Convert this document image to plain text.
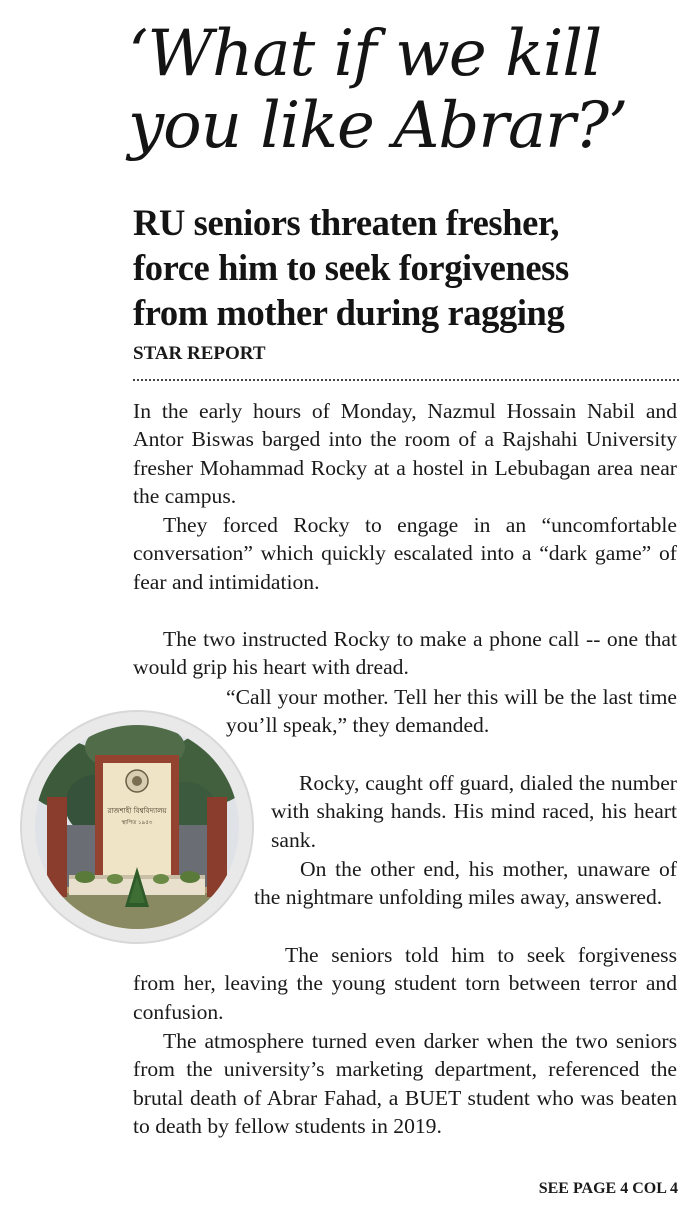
‘What if we kill
you like Abrar?’
RU seniors threaten fresher,
force him to seek forgiveness
from mother during ragging
STAR REPORT

In the early hours of Monday, Nazmul Hossain Nabil and Antor Biswas barged into the room of a Rajshahi University fresher Mohammad Rocky at a hostel in Lebubagan area near the campus.

They forced Rocky to engage in an “uncomfortable conversation” which quickly escalated into a “dark game” of fear and intimidation.

The two instructed Rocky to make a phone call -- one that would grip his heart with dread.

“Call your mother. Tell her this will be the last time you’ll speak,” they demanded.

Rocky, caught off guard, dialed the number with shaking hands. His mind raced, his heart sank.

On the other end, his mother, unaware of the nightmare unfolding miles away, answered.

The seniors told him to seek forgiveness from her, leaving the young student torn between terror and confusion.

The atmosphere turned even darker when the two seniors from the university’s marketing department, referenced the brutal death of Abrar Fahad, a BUET student who was beaten to death by fellow students in 2019.

রাজশাহী বিশ্ববিদ্যালয়
স্থাপিত ১৯৫৩
SEE PAGE 4 COL 4
